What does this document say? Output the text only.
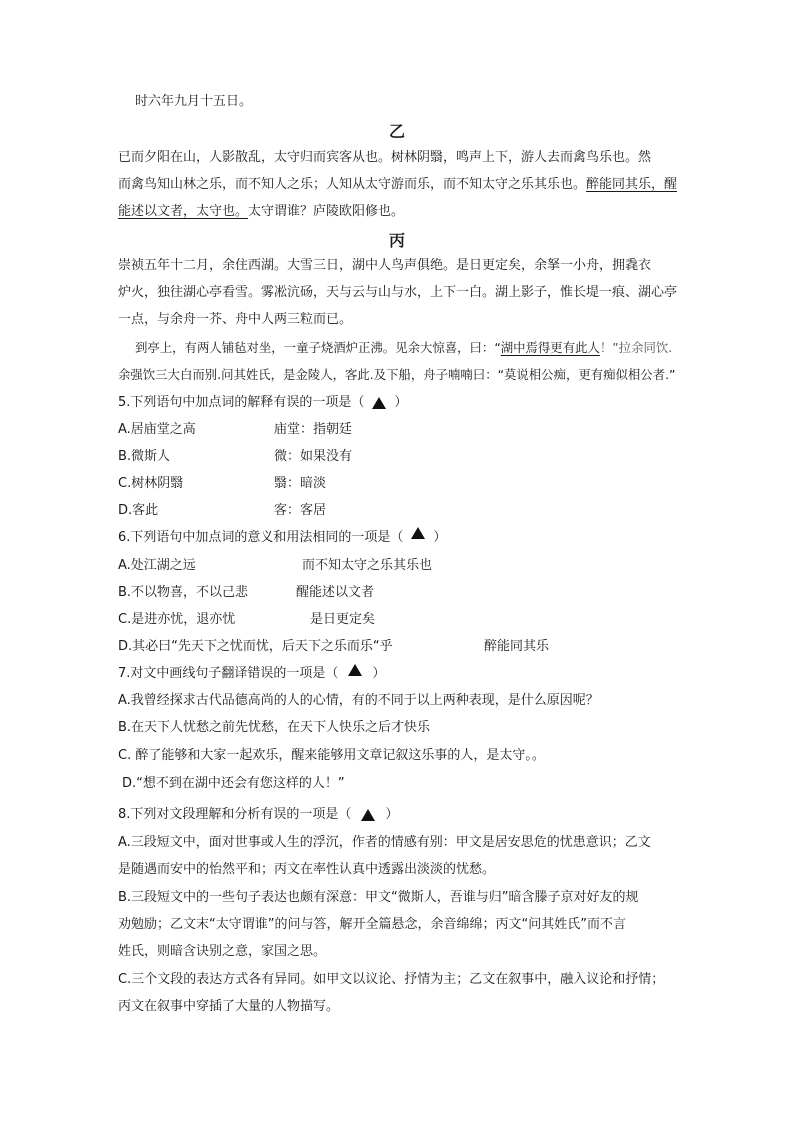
时六年九月十五日。
乙
已而夕阳在山，人影散乱，太守归而宾客从也。树林阴翳，鸣声上下，游人去而禽鸟乐也。然
而禽鸟知山林之乐，而不知人之乐；人知从太守游而乐，而不知太守之乐其乐也。醉能同其乐，醒
能述以文者，太守也。太守谓谁？庐陵欧阳修也。
丙
崇祯五年十二月，余住西湖。大雪三日，湖中人鸟声俱绝。是日更定矣，余拏一小舟，拥毳衣
炉火，独往湖心亭看雪。雾凇沆砀，天与云与山与水，上下一白。湖上影子，惟长堤一痕、湖心亭
一点，与余舟一芥、舟中人两三粒而已。
到亭上，有两人铺毡对坐，一童子烧酒炉正沸。见余大惊喜，曰：“湖中焉得更有此人！”拉余同饮.
余强饮三大白而别.问其姓氏，是金陵人，客此.及下船，舟子喃喃曰：“莫说相公痴，更有痴似相公者.”
5.下列语句中加点词的解释有误的一项是（ ）
A.居庙堂之高	庙堂：指朝廷
B.微斯人	微：如果没有
C.树林阴翳	翳：暗淡
D.客此	客：客居
6.下列语句中加点词的意义和用法相同的一项是（ ）
A.处江湖之远	而不知太守之乐其乐也
B.不以物喜，不以己悲	醒能述以文者
C.是进亦忧，退亦忧	是日更定矣
D.其必曰“先天下之忧而忧，后天下之乐而乐“乎	醉能同其乐
7.对文中画线句子翻译错误的一项是（	）
A.我曾经探求古代品德高尚的人的心情，有的不同于以上两种表现，是什么原因呢？
B.在天下人忧愁之前先忧愁，在天下人快乐之后才快乐
C. 醉了能够和大家一起欢乐，醒来能够用文章记叙这乐事的人，是太守。。
D.“想不到在湖中还会有您这样的人！”
8.下列对文段理解和分析有误的一项是（	）
A.三段短文中，面对世事或人生的浮沉，作者的情感有别：甲文是居安思危的忧患意识；乙文
是随遇而安中的怡然平和；丙文在率性认真中透露出淡淡的忧愁。
B.三段短文中的一些句子表达也颇有深意：甲文“微斯人，吾谁与归”暗含滕子京对好友的规
劝勉励；乙文末“太守谓谁”的问与答，解开全篇悬念，余音绵绵；丙文“问其姓氏”而不言
姓氏，则暗含诀别之意，家国之思。
C.三个文段的表达方式各有异同。如甲文以议论、抒情为主；乙文在叙事中，融入议论和抒情；
丙文在叙事中穿插了大量的人物描写。
